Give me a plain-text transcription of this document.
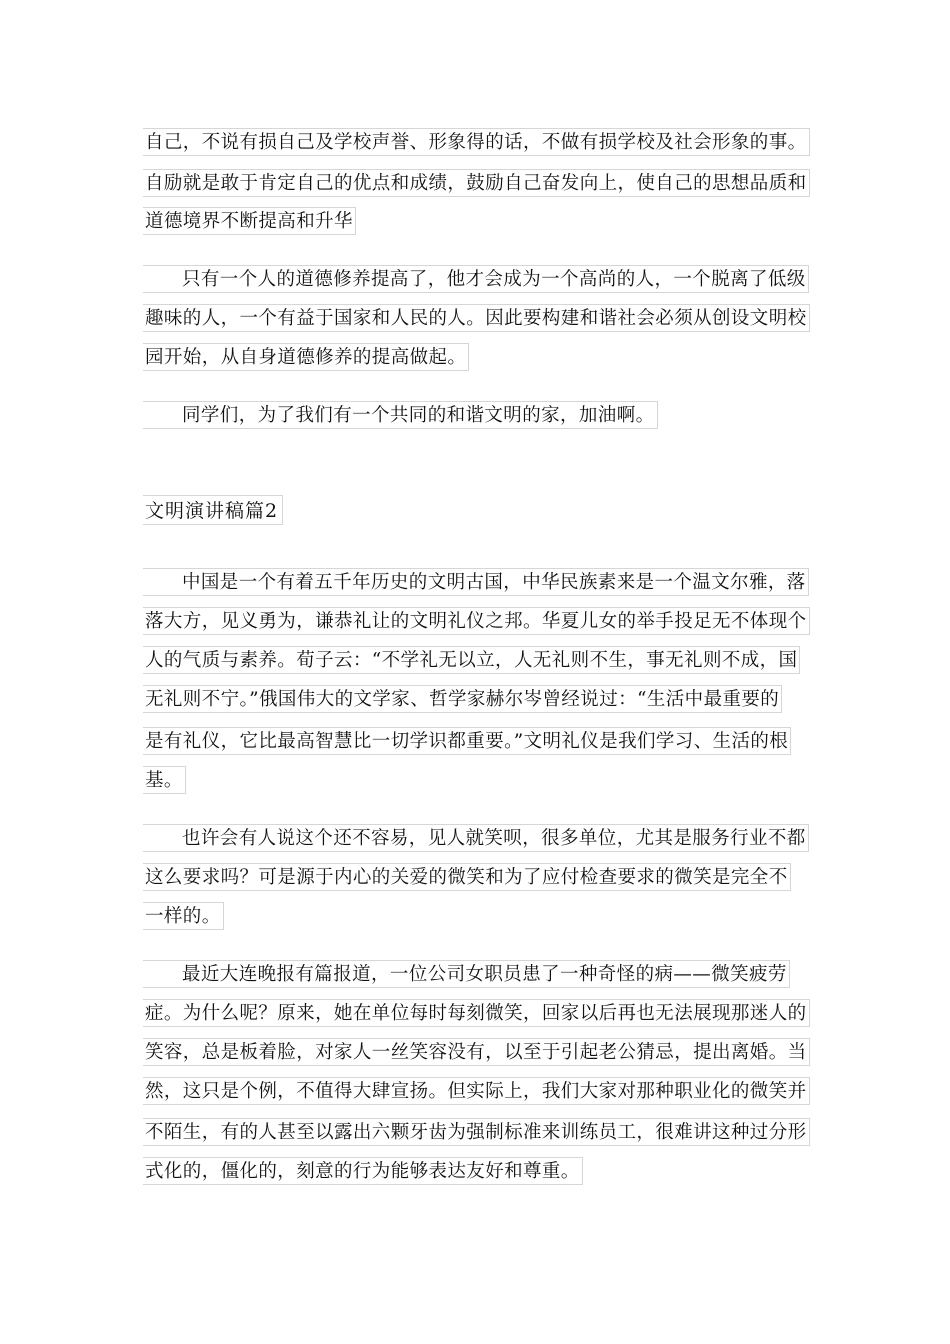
自己，不说有损自己及学校声誉、形象得的话，不做有损学校及社会形象的事。
自励就是敢于肯定自己的优点和成绩，鼓励自己奋发向上，使自己的思想品质和
道德境界不断提高和升华
只有一个人的道德修养提高了，他才会成为一个高尚的人，一个脱离了低级
趣味的人，一个有益于国家和人民的人。因此要构建和谐社会必须从创设文明校
园开始，从自身道德修养的提高做起。
同学们，为了我们有一个共同的和谐文明的家，加油啊。
文明演讲稿篇2
中国是一个有着五千年历史的文明古国，中华民族素来是一个温文尔雅，落
落大方，见义勇为，谦恭礼让的文明礼仪之邦。华夏儿女的举手投足无不体现个
人的气质与素养。荀子云：“不学礼无以立，人无礼则不生，事无礼则不成，国
无礼则不宁。”俄国伟大的文学家、哲学家赫尔岑曾经说过：“生活中最重要的
是有礼仪，它比最高智慧比一切学识都重要。”文明礼仪是我们学习、生活的根
基。
也许会有人说这个还不容易，见人就笑呗，很多单位，尤其是服务行业不都
这么要求吗？可是源于内心的关爱的微笑和为了应付检查要求的微笑是完全不
一样的。
最近大连晚报有篇报道，一位公司女职员患了一种奇怪的病——微笑疲劳
症。为什么呢？原来，她在单位每时每刻微笑，回家以后再也无法展现那迷人的
笑容，总是板着脸，对家人一丝笑容没有，以至于引起老公猜忌，提出离婚。当
然，这只是个例，不值得大肆宣扬。但实际上，我们大家对那种职业化的微笑并
不陌生，有的人甚至以露出六颗牙齿为强制标准来训练员工，很难讲这种过分形
式化的，僵化的，刻意的行为能够表达友好和尊重。
